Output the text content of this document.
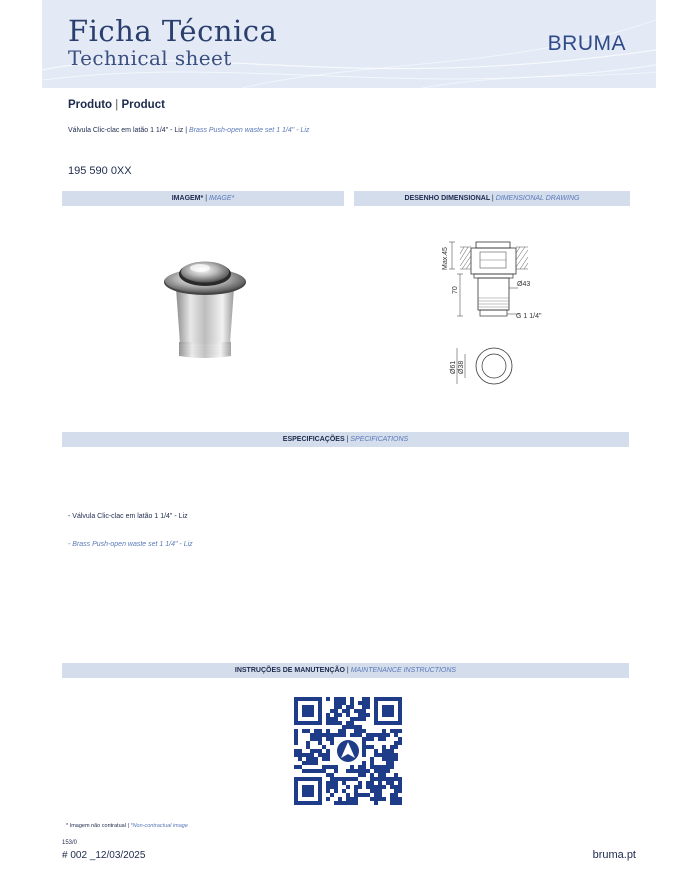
Ficha Técnica
Technical sheet
BRUMA
Produto | Product
Válvula Clic-clac em latão 1 1/4" - Liz | Brass Push-open waste set 1 1/4" - Liz
195 590 0XX
IMAGEM* | IMAGE*	DESENHO DIMENSIONAL | DIMENSIONAL DRAWING
Max.45
70
Ø43
G 1 1/4"
Ø61 Ø38
ESPECIFICAÇÕES | SPECIFICATIONS
- Válvula Clic-clac em latão 1 1/4" - Liz
- Brass Push-open waste set 1 1/4" - Liz
INSTRUÇÕES DE MANUTENÇÃO | MAINTENANCE INSTRUCTIONS
* Imagem não contratual | *Non-contractual image
153/0
# 002 _12/03/2025	bruma.pt
